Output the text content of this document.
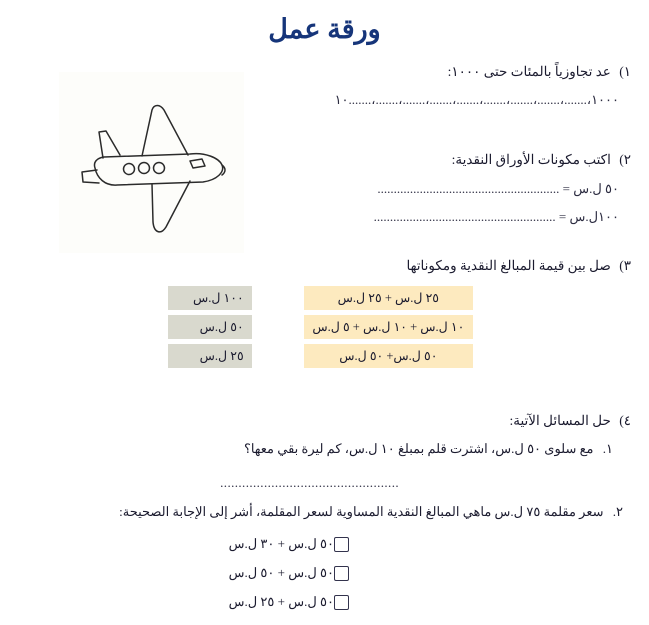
ورقة عمل
١) عد تجاوزياً بالمئات حتى ١٠٠٠:
١٠٠٠،.......،.......،.......،.......،.......،.......،.......،.......،.......١٠
٢) اكتب مكونات الأوراق النقدية:
٥٠ ل.س = ........................................................
١٠٠ل.س = ........................................................
٣) صل بين قيمة المبالغ النقدية ومكوناتها
١٠٠ ل.س	٢٥ ل.س + ٢٥ ل.س
٥٠ ل.س	١٠ ل.س + ١٠ ل.س + ٥ ل.س
٢٥ ل.س	٥٠ ل.س+ ٥٠ ل.س
٤) حل المسائل الآتية:
١. مع سلوى ٥٠ ل.س، اشترت قلم بمبلغ ١٠ ل.س، كم ليرة بقي معها؟
.................................................
٢. سعر مقلمة ٧٥ ل.س ماهي المبالغ النقدية المساوية لسعر المقلمة، أشر إلى الإجابة الصحيحة:
٥٠ ل.س + ٣٠ ل.س
٥٠ ل.س + ٥٠ ل.س
٥٠ ل.س + ٢٥ ل.س
